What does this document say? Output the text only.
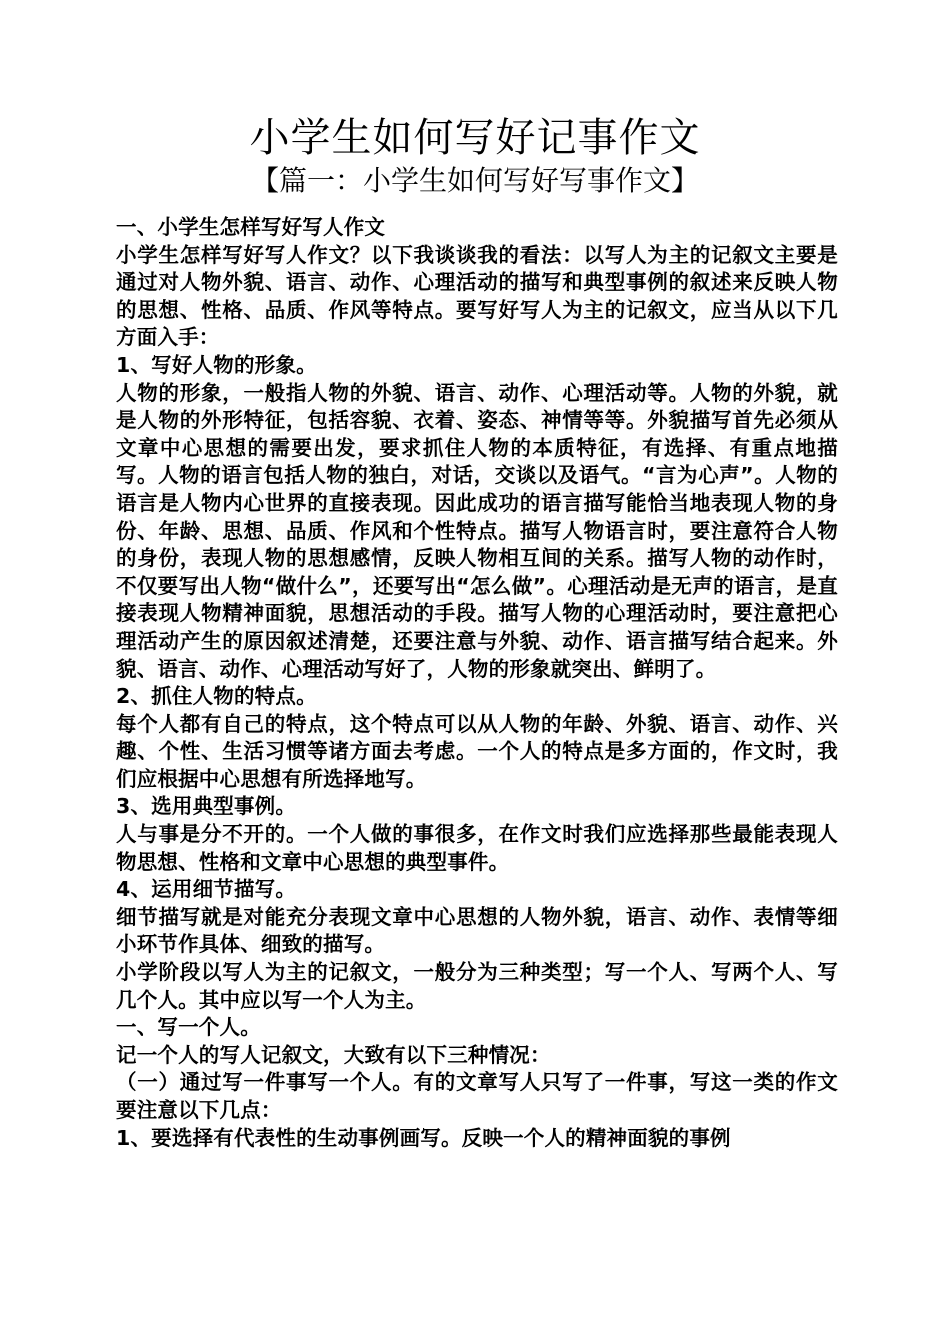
小学生如何写好记事作文
【篇一：小学生如何写好写事作文】

一、小学生怎样写好写人作文

小学生怎样写好写人作文？以下我谈谈我的看法：以写人为主的记叙文主要是通过对人物外貌、语言、动作、心理活动的描写和典型事例的叙述来反映人物的思想、性格、品质、作风等特点。要写好写人为主的记叙文，应当从以下几方面入手：

1、写好人物的形象。

人物的形象，一般指人物的外貌、语言、动作、心理活动等。人物的外貌，就是人物的外形特征，包括容貌、衣着、姿态、神情等等。外貌描写首先必须从文章中心思想的需要出发，要求抓住人物的本质特征，有选择、有重点地描写。人物的语言包括人物的独白，对话，交谈以及语气。“言为心声”。人物的语言是人物内心世界的直接表现。因此成功的语言描写能恰当地表现人物的身份、年龄、思想、品质、作风和个性特点。描写人物语言时，要注意符合人物的身份，表现人物的思想感情，反映人物相互间的关系。描写人物的动作时，不仅要写出人物“做什么”，还要写出“怎么做”。心理活动是无声的语言，是直接表现人物精神面貌，思想活动的手段。描写人物的心理活动时，要注意把心理活动产生的原因叙述清楚，还要注意与外貌、动作、语言描写结合起来。外貌、语言、动作、心理活动写好了，人物的形象就突出、鲜明了。

2、抓住人物的特点。

每个人都有自己的特点，这个特点可以从人物的年龄、外貌、语言、动作、兴趣、个性、生活习惯等诸方面去考虑。一个人的特点是多方面的，作文时，我们应根据中心思想有所选择地写。

3、选用典型事例。

人与事是分不开的。一个人做的事很多，在作文时我们应选择那些最能表现人物思想、性格和文章中心思想的典型事件。

4、运用细节描写。

细节描写就是对能充分表现文章中心思想的人物外貌，语言、动作、表情等细小环节作具体、细致的描写。

小学阶段以写人为主的记叙文，一般分为三种类型；写一个人、写两个人、写几个人。其中应以写一个人为主。

一、写一个人。

记一个人的写人记叙文，大致有以下三种情况：

（一）通过写一件事写一个人。有的文章写人只写了一件事，写这一类的作文要注意以下几点：

1、要选择有代表性的生动事例画写。反映一个人的精神面貌的事例
